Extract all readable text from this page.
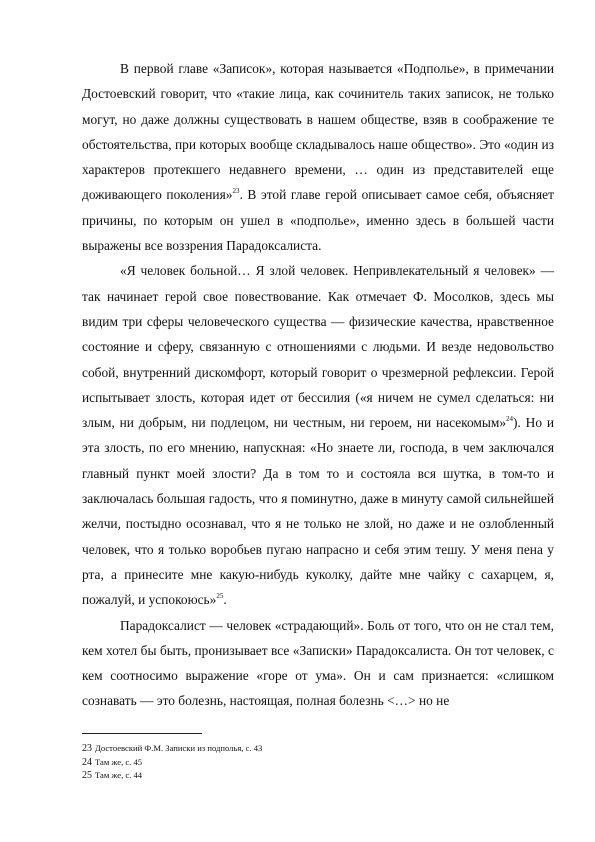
В первой главе «Записок», которая называется «Подполье», в примечании Достоевский говорит, что «такие лица, как сочинитель таких записок, не только могут, но даже должны существовать в нашем обществе, взяв в соображение те обстоятельства, при которых вообще складывалось наше общество». Это «один из характеров протекшего недавнего времени, … один из представителей еще доживающего поколения»$^{23}$. В этой главе герой описывает самое себя, объясняет причины, по которым он ушел в «подполье», именно здесь в большей части выражены все воззрения Парадоксалиста.

«Я человек больной… Я злой человек. Непривлекательный я человек» — так начинает герой свое повествование. Как отмечает Ф. Мосолков, здесь мы видим три сферы человеческого существа — физические качества, нравственное состояние и сферу, связанную с отношениями с людьми. И везде недовольство собой, внутренний дискомфорт, который говорит о чрезмерной рефлексии. Герой испытывает злость, которая идет от бессилия («я ничем не сумел сделаться: ни злым, ни добрым, ни подлецом, ни честным, ни героем, ни насекомым»$^{24}$). Но и эта злость, по его мнению, напускная: «Но знаете ли, господа, в чем заключался главный пункт моей злости? Да в том то и состояла вся шутка, в том-то и заключалась большая гадость, что я поминутно, даже в минуту самой сильнейшей желчи, постыдно осознавал, что я не только не злой, но даже и не озлобленный человек, что я только воробьев пугаю напрасно и себя этим тешу. У меня пена у рта, а принесите мне какую-нибудь куколку, дайте мне чайку с сахарцем, я, пожалуй, и успокоюсь»$^{25}$.

Парадоксалист — человек «страдающий». Боль от того, что он не стал тем, кем хотел бы быть, пронизывает все «Записки» Парадоксалиста. Он тот человек, с кем соотносимо выражение «горе от ума». Он и сам признается: «слишком сознавать — это болезнь, настоящая, полная болезнь <…> но не

23 Достоевский Ф.М. Записки из подполья, с. 43
24 Там же, с. 45
25 Там же, с. 44
